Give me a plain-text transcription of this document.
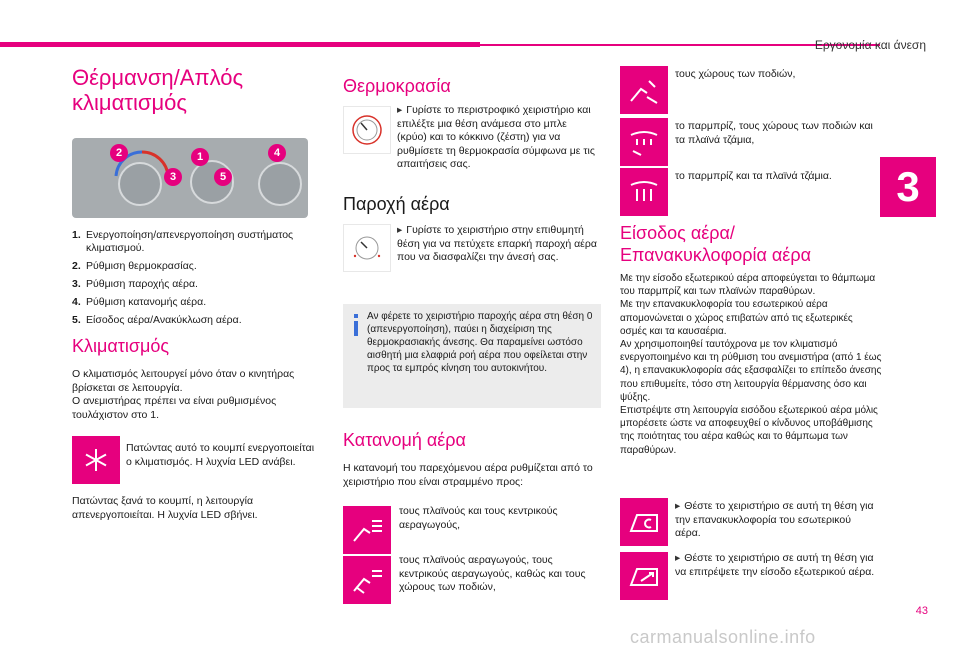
Εργονομία και άνεση
3
Θέρμανση/Απλός κλιματισμός
2	1	4
3	5
1. Ενεργοποίηση/απενεργοποίηση συστήματος κλιματισμού.
2. Ρύθμιση θερμοκρασίας.
3. Ρύθμιση παροχής αέρα.
4. Ρύθμιση κατανομής αέρα.
5. Είσοδος αέρα/Ανακύκλωση αέρα.
Κλιματισμός
Ο κλιματισμός λειτουργεί μόνο όταν ο κινητήρας βρίσκεται σε λειτουργία.
Ο ανεμιστήρας πρέπει να είναι ρυθμισμένος τουλάχιστον στο 1.
Πατώντας αυτό το κουμπί ενεργοποιείται ο κλιματισμός. Η λυχνία LED ανάβει.
Πατώντας ξανά το κουμπί, η λειτουργία απενεργοποιείται. Η λυχνία LED σβήνει.
Θερμοκρασία
▸ Γυρίστε το περιστροφικό χειριστήριο και επιλέξτε μια θέση ανάμεσα στο μπλε (κρύο) και το κόκκινο (ζέστη) για να ρυθμίσετε τη θερμοκρασία σύμφωνα με τις απαιτήσεις σας.
Παροχή αέρα
▸ Γυρίστε το χειριστήριο στην επιθυμητή θέση για να πετύχετε επαρκή παροχή αέρα που να διασφαλίζει την άνεσή σας.
Αν φέρετε το χειριστήριο παροχής αέρα στη θέση 0 (απενεργοποίηση), παύει η διαχείριση της θερμοκρασιακής άνεσης. Θα παραμείνει ωστόσο αισθητή μια ελαφριά ροή αέρα που οφείλεται στην πρoς τα εμπρός κίνηση του αυτοκινήτου.
Κατανομή αέρα
Η κατανομή του παρεχόμενου αέρα ρυθμίζεται από το χειριστήριο που είναι στραμμένο προς:
τους πλαϊνούς και τους κεντρικούς αεραγωγούς,
τους πλαϊνούς αεραγωγούς, τους κεντρικούς αεραγωγούς, καθώς και τους χώρους των ποδιών,
τους χώρους των ποδιών,
το παρμπρίζ, τους χώρους των ποδιών και τα πλαϊνά τζάμια,
το παρμπρίζ και τα πλαϊνά τζάμια.
Είσοδος αέρα/ Επανακυκλοφορία αέρα
Με την είσοδο εξωτερικού αέρα αποφεύγεται το θάμπωμα του παρμπρίζ και των πλαϊνών παραθύρων.
Με την επανακυκλοφορία του εσωτερικού αέρα απομονώνεται ο χώρος επιβατών από τις εξωτερικές οσμές και τα καυσαέρια.
Αν χρησιμοποιηθεί ταυτόχρονα με τον κλιματισμό ενεργοποιημένο και τη ρύθμιση του ανεμιστήρα (από 1 έως 4), η επανακυκλοφορία σάς εξασφαλίζει το επίπεδο άνεσης που επιθυμείτε, τόσο στη λειτουργία θέρμανσης όσο και ψύξης.
Επιστρέψτε στη λειτουργία εισόδου εξωτερικού αέρα μόλις μπορέσετε ώστε να αποφευχθεί ο κίνδυνος υποβάθμισης της ποιότητας του αέρα καθώς και το θάμπωμα των παραθύρων.
▸ Θέστε το χειριστήριο σε αυτή τη θέση για την επανακυκλοφορία του εσωτερικού αέρα.
▸ Θέστε το χειριστήριο σε αυτή τη θέση για να επιτρέψετε την είσοδο εξωτερικού αέρα.
43
carmanualsonline.info
